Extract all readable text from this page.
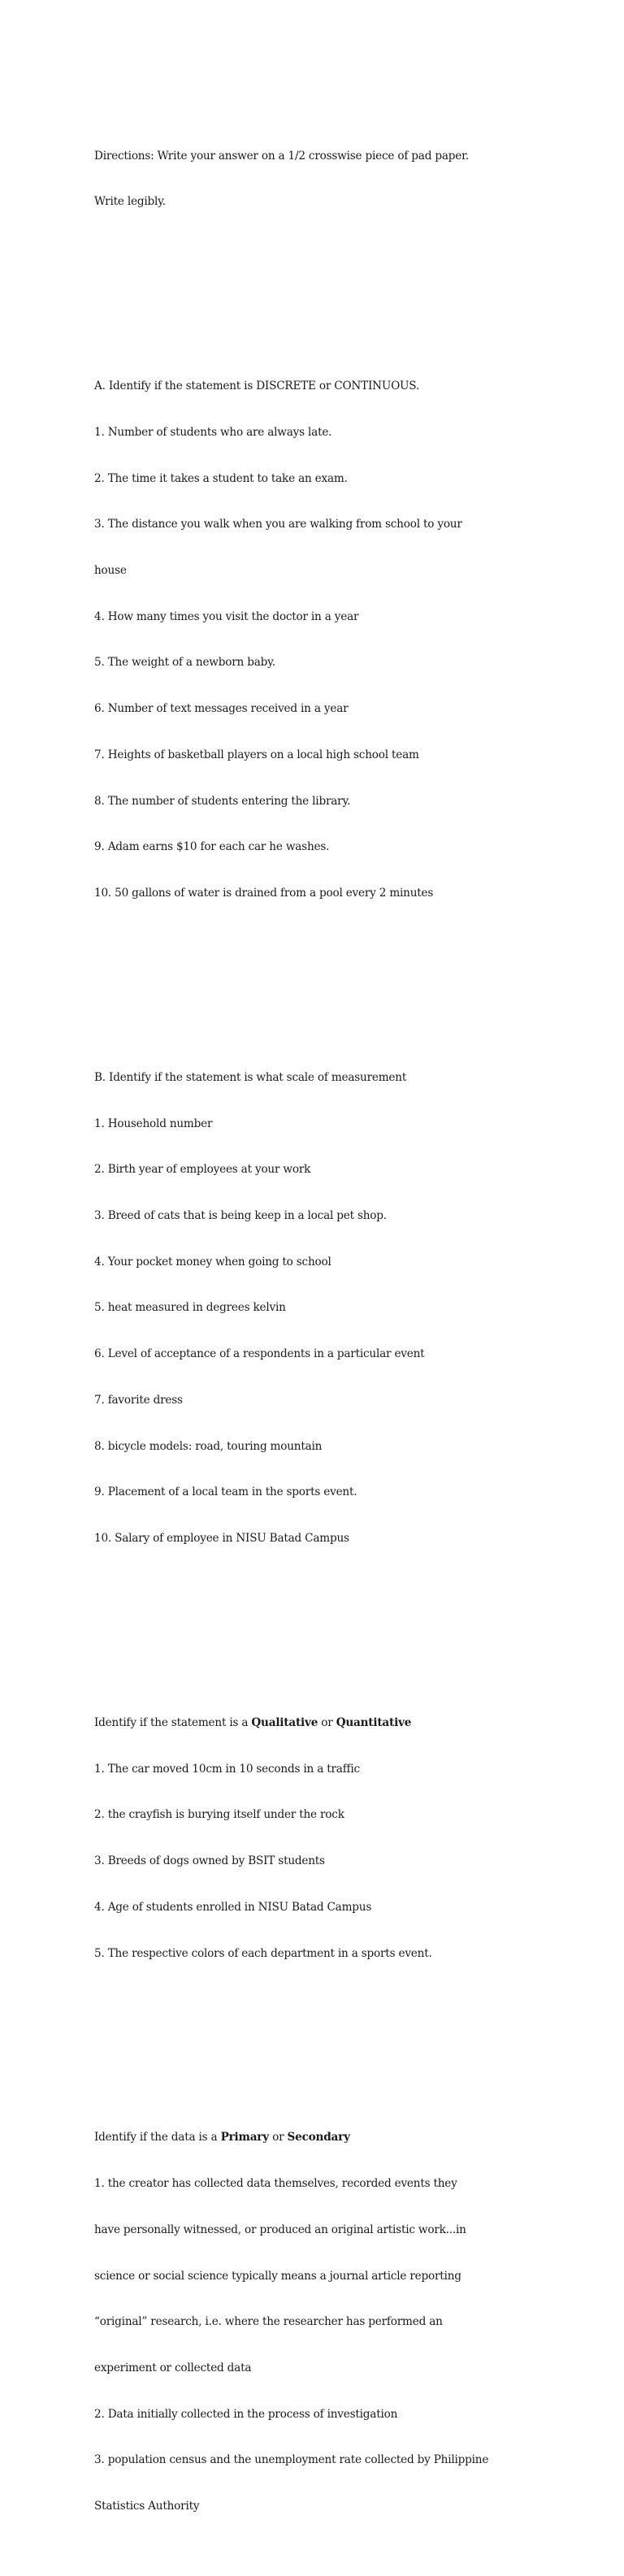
Directions: Write your answer on a 1/2 crosswise piece of pad paper.

Write legibly.

A. Identify if the statement is DISCRETE or CONTINUOUS.

1. Number of students who are always late.

2. The time it takes a student to take an exam.

3. The distance you walk when you are walking from school to your

house

4. How many times you visit the doctor in a year

5. The weight of a newborn baby.

6. Number of text messages received in a year

7. Heights of basketball players on a local high school team

8. The number of students entering the library.

9. Adam earns $10 for each car he washes.

10. 50 gallons of water is drained from a pool every 2 minutes

B. Identify if the statement is what scale of measurement

1. Household number

2. Birth year of employees at your work

3. Breed of cats that is being keep in a local pet shop.

4. Your pocket money when going to school

5. heat measured in degrees kelvin

6. Level of acceptance of a respondents in a particular event

7. favorite dress

8. bicycle models: road, touring mountain

9. Placement of a local team in the sports event.

10. Salary of employee in NISU Batad Campus

Identify if the statement is a Qualitative or Quantitative

1. The car moved 10cm in 10 seconds in a traffic

2. the crayfish is burying itself under the rock

3. Breeds of dogs owned by BSIT students

4. Age of students enrolled in NISU Batad Campus

5. The respective colors of each department in a sports event.

Identify if the data is a Primary or Secondary

1. the creator has collected data themselves, recorded events they

have personally witnessed, or produced an original artistic work...in

science or social science typically means a journal article reporting

“original” research, i.e. where the researcher has performed an

experiment or collected data

2. Data initially collected in the process of investigation

3. population census and the unemployment rate collected by Philippine

Statistics Authority
